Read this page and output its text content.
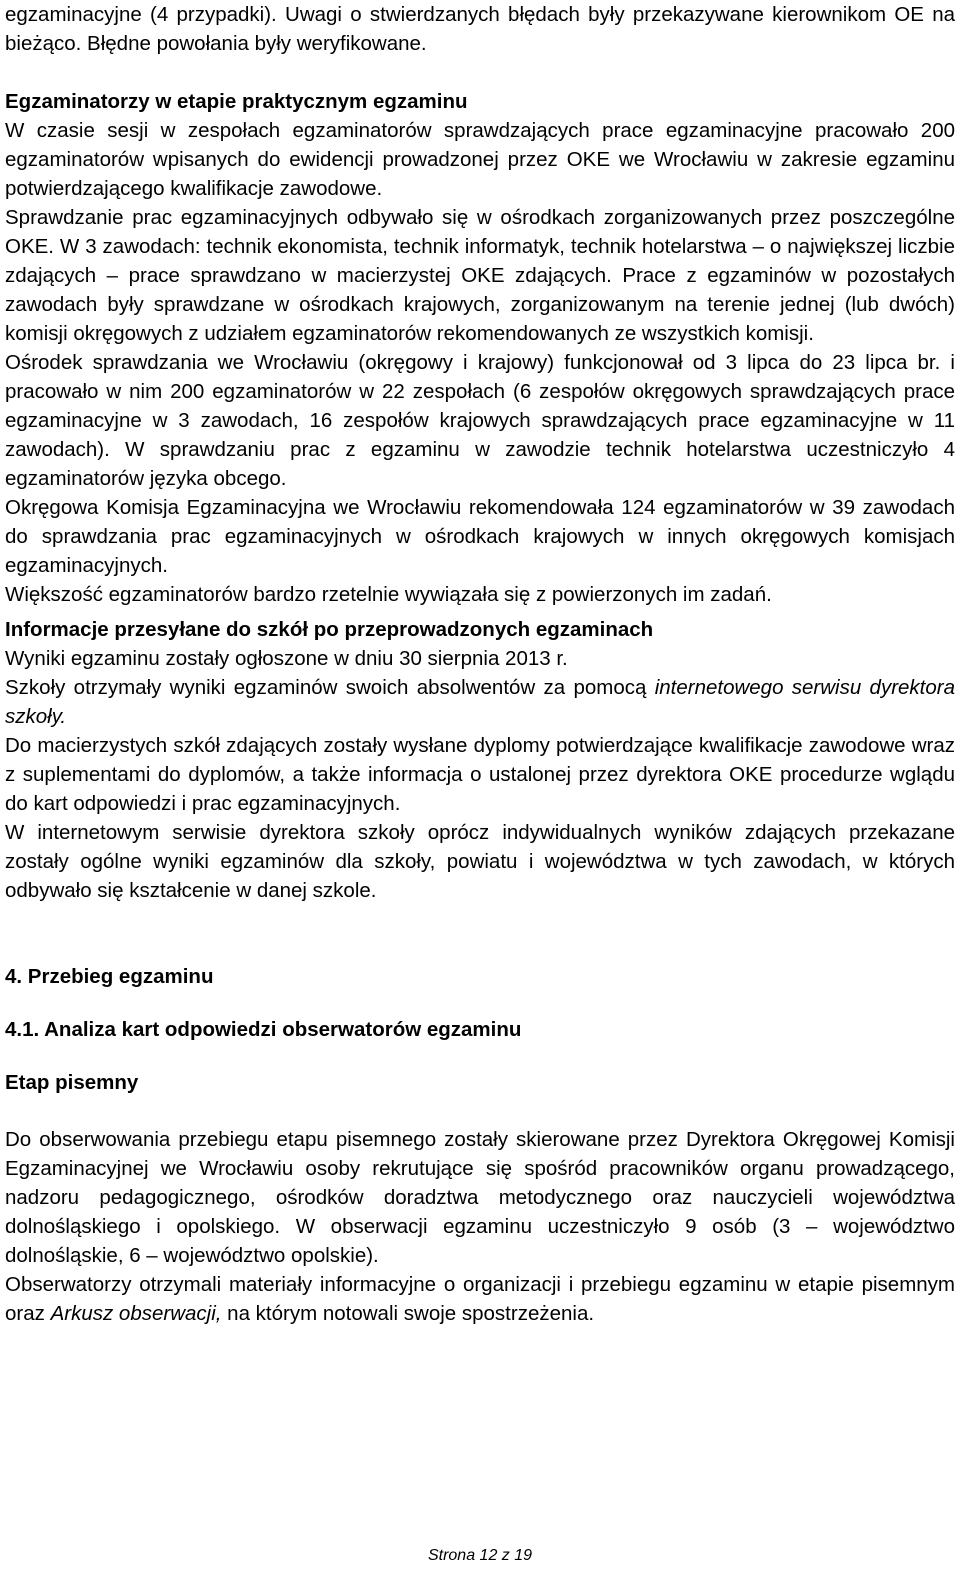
egzaminacyjne (4 przypadki). Uwagi o stwierdzanych błędach były przekazywane kierownikom OE na bieżąco. Błędne powołania były weryfikowane.

Egzaminatorzy w etapie praktycznym egzaminu

W czasie sesji w zespołach egzaminatorów sprawdzających prace egzaminacyjne pracowało 200 egzaminatorów wpisanych do ewidencji prowadzonej przez OKE we Wrocławiu w zakresie egzaminu potwierdzającego kwalifikacje zawodowe.

Sprawdzanie prac egzaminacyjnych odbywało się w ośrodkach zorganizowanych przez poszczególne OKE. W 3 zawodach: technik ekonomista, technik informatyk, technik hotelarstwa – o największej liczbie zdających – prace sprawdzano w macierzystej OKE zdających. Prace z egzaminów w pozostałych zawodach były sprawdzane w ośrodkach krajowych, zorganizowanym na terenie jednej (lub dwóch) komisji okręgowych z udziałem egzaminatorów rekomendowanych ze wszystkich komisji.

Ośrodek sprawdzania we Wrocławiu (okręgowy i krajowy) funkcjonował od 3 lipca do 23 lipca br. i pracowało w nim 200 egzaminatorów w 22 zespołach (6 zespołów okręgowych sprawdzających prace egzaminacyjne w 3 zawodach, 16 zespołów krajowych sprawdzających prace egzaminacyjne w 11 zawodach). W sprawdzaniu prac z egzaminu w zawodzie technik hotelarstwa uczestniczyło 4 egzaminatorów języka obcego.

Okręgowa Komisja Egzaminacyjna we Wrocławiu rekomendowała 124 egzaminatorów w 39 zawodach do sprawdzania prac egzaminacyjnych w ośrodkach krajowych w innych okręgowych komisjach egzaminacyjnych.

Większość egzaminatorów bardzo rzetelnie wywiązała się z powierzonych im zadań.

Informacje przesyłane do szkół po przeprowadzonych egzaminach

Wyniki egzaminu zostały ogłoszone w dniu 30 sierpnia 2013 r.

Szkoły otrzymały wyniki egzaminów swoich absolwentów za pomocą internetowego serwisu dyrektora szkoły.

Do macierzystych szkół zdających zostały wysłane dyplomy potwierdzające kwalifikacje zawodowe wraz z suplementami do dyplomów, a także informacja o ustalonej przez dyrektora OKE procedurze wglądu do kart odpowiedzi i prac egzaminacyjnych.

W internetowym serwisie dyrektora szkoły oprócz indywidualnych wyników zdających przekazane zostały ogólne wyniki egzaminów dla szkoły, powiatu i województwa w tych zawodach, w których odbywało się kształcenie w danej szkole.

4. Przebieg egzaminu

4.1. Analiza kart odpowiedzi obserwatorów egzaminu

Etap pisemny

Do obserwowania przebiegu etapu pisemnego zostały skierowane przez Dyrektora Okręgowej Komisji Egzaminacyjnej we Wrocławiu osoby rekrutujące się spośród pracowników organu prowadzącego, nadzoru pedagogicznego, ośrodków doradztwa metodycznego oraz nauczycieli województwa dolnośląskiego i opolskiego. W obserwacji egzaminu uczestniczyło 9 osób (3 – województwo dolnośląskie, 6 – województwo opolskie).

Obserwatorzy otrzymali materiały informacyjne o organizacji i przebiegu egzaminu w etapie pisemnym oraz Arkusz obserwacji, na którym notowali swoje spostrzeżenia.

Strona 12 z 19
